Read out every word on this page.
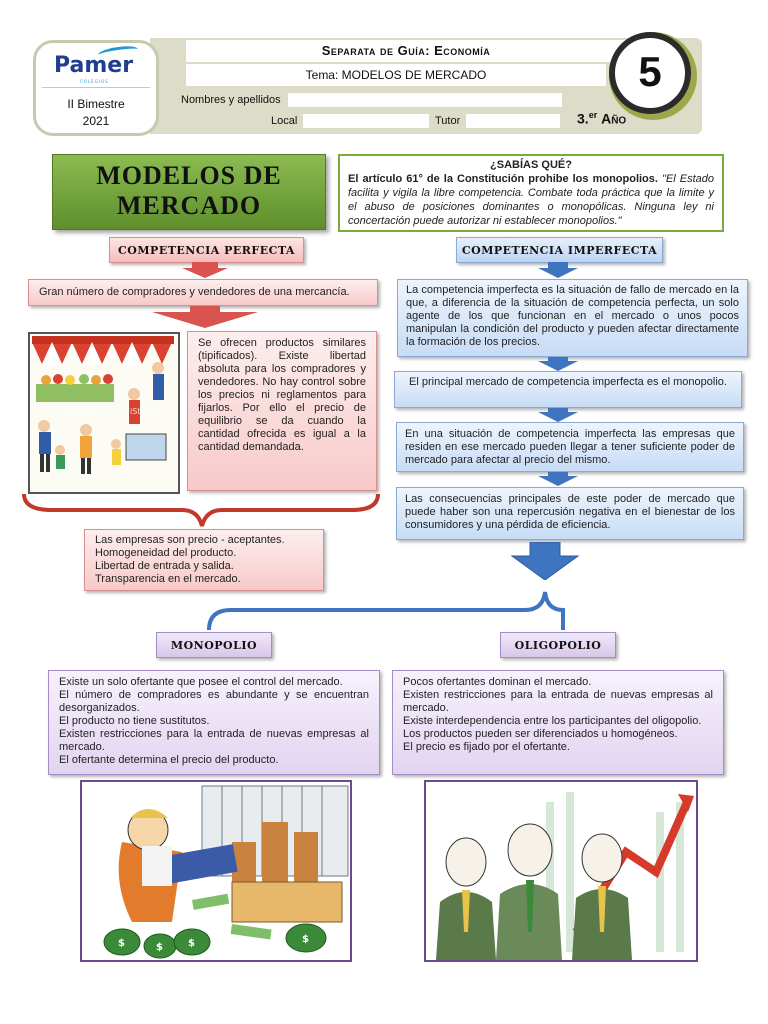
Pamer
COLEGIOS
II Bimestre
2021
Separata de Guía: Economía
Tema: MODELOS DE MERCADO
Nombres y apellidos
Local	Tutor	3.$^{er}$ Año
5
MODELOS DE
MERCADO
¿SABÍAS QUÉ?
El artículo 61° de la Constitución prohibe los monopolios. "El Estado facilita y vigila la libre competencia. Combate toda práctica que la limite y el abuso de posiciones dominantes o monopólicas. Ninguna ley ni concertación puede autorizar ni establecer monopolios."
COMPETENCIA PERFECTA
Gran número de compradores y vendedores de una mercancía.
iStock	iStock
Se ofrecen productos similares (tipificados). Existe libertad absoluta para los compradores y vendedores. No hay control sobre los precios ni reglamentos para fijarlos. Por ello el precio de equilibrio se da cuando la cantidad ofrecida es igual a la cantidad demandada.
Las empresas son precio - aceptantes.
Homogeneidad del producto.
Libertad de entrada y salida.
Transparencia en el mercado.
COMPETENCIA IMPERFECTA
La competencia imperfecta es la situación de fallo de mercado en la que, a diferencia de la situación de competencia perfecta, un solo agente de los que funcionan en el mercado o unos pocos manipulan la condición del producto y pueden afectar directamente la formación de los precios.
El principal mercado de competencia imperfecta es el monopolio.
En una situación de competencia imperfecta las empresas que residen en ese mercado pueden llegar a tener suficiente poder de mercado para afectar al precio del mismo.
Las consecuencias principales de este poder de mercado que puede haber son una repercusión negativa en el bienestar de los consumidores y una pérdida de eficiencia.
MONOPOLIO	OLIGOPOLIO
Existe un solo ofertante que posee el control del mercado.
El número de compradores es abundante y se encuentran desorganizados.
El producto no tiene sustitutos.
Existen restricciones para la entrada de nuevas empresas al mercado.
El ofertante determina el precio del producto.
Pocos ofertantes dominan el mercado.
Existen restricciones para la entrada de nuevas empresas al mercado.
Existe interdependencia entre los participantes del oligopolio.
Los productos pueden ser diferenciados u homogéneos.
El precio es fijado por el ofertante.
$	$	$	$
